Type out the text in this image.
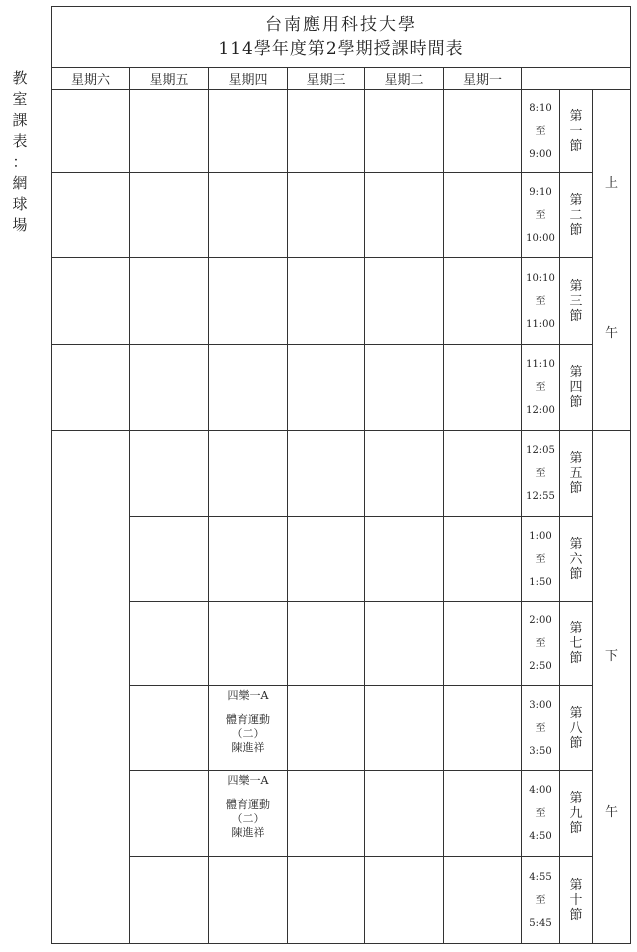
教
室
課
表
：
網
球
場
台南應用科技大學
114學年度第2學期授課時間表								

星期六	星期五	星期四	星期三	星期二	星期一			

						8:10
至
9:00	第
一
節	上
午

						9:10
至
10:00	第
二
節	

						10:10
至
11:00	第
三
節	

						11:10
至
12:00	第
四
節	

						12:05
至
12:55	第
五
節	下
午

						1:00
至
1:50	第
六
節	

						2:00
至
2:50	第
七
節	

		四樂一A
體育運動
（二）
陳進祥				3:00
至
3:50	第
八
節	

		四樂一A
體育運動
（二）
陳進祥				4:00
至
4:50	第
九
節	

						4:55
至
5:45	第
十
節	
